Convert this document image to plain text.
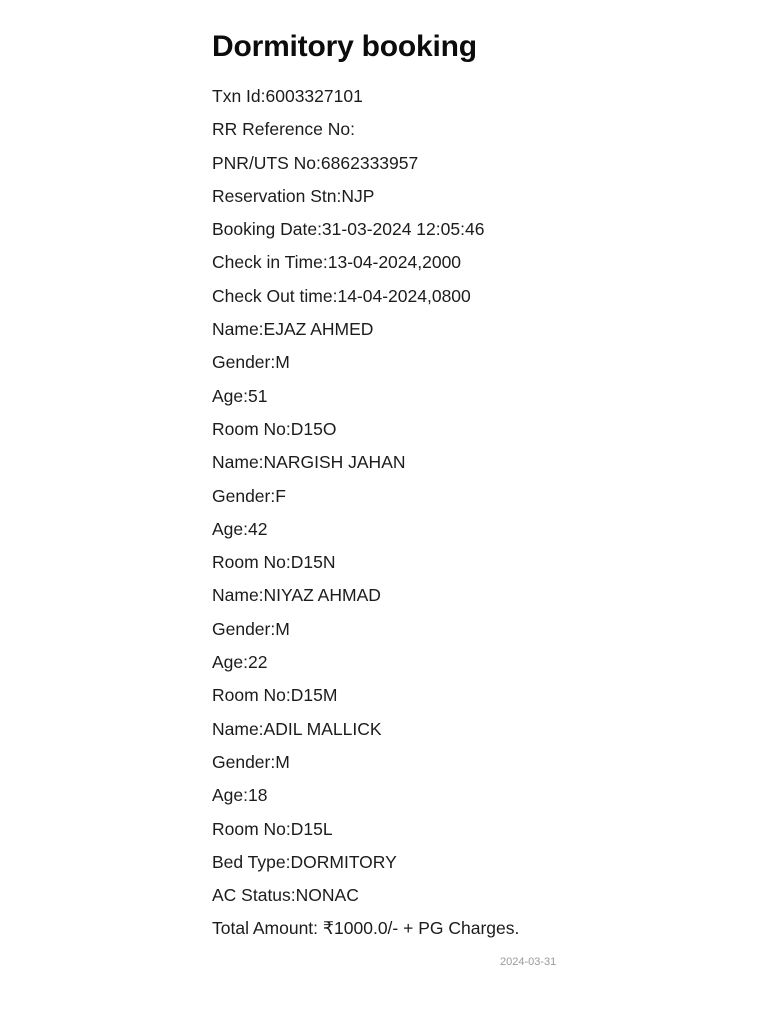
Dormitory booking
Txn Id:6003327101
RR Reference No:
PNR/UTS No:6862333957
Reservation Stn:NJP
Booking Date:31-03-2024 12:05:46
Check in Time:13-04-2024,2000
Check Out time:14-04-2024,0800
Name:EJAZ AHMED
Gender:M
Age:51
Room No:D15O
Name:NARGISH JAHAN
Gender:F
Age:42
Room No:D15N
Name:NIYAZ AHMAD
Gender:M
Age:22
Room No:D15M
Name:ADIL MALLICK
Gender:M
Age:18
Room No:D15L
Bed Type:DORMITORY
AC Status:NONAC
Total Amount: ₹1000.0/- + PG Charges.
2024-03-31
